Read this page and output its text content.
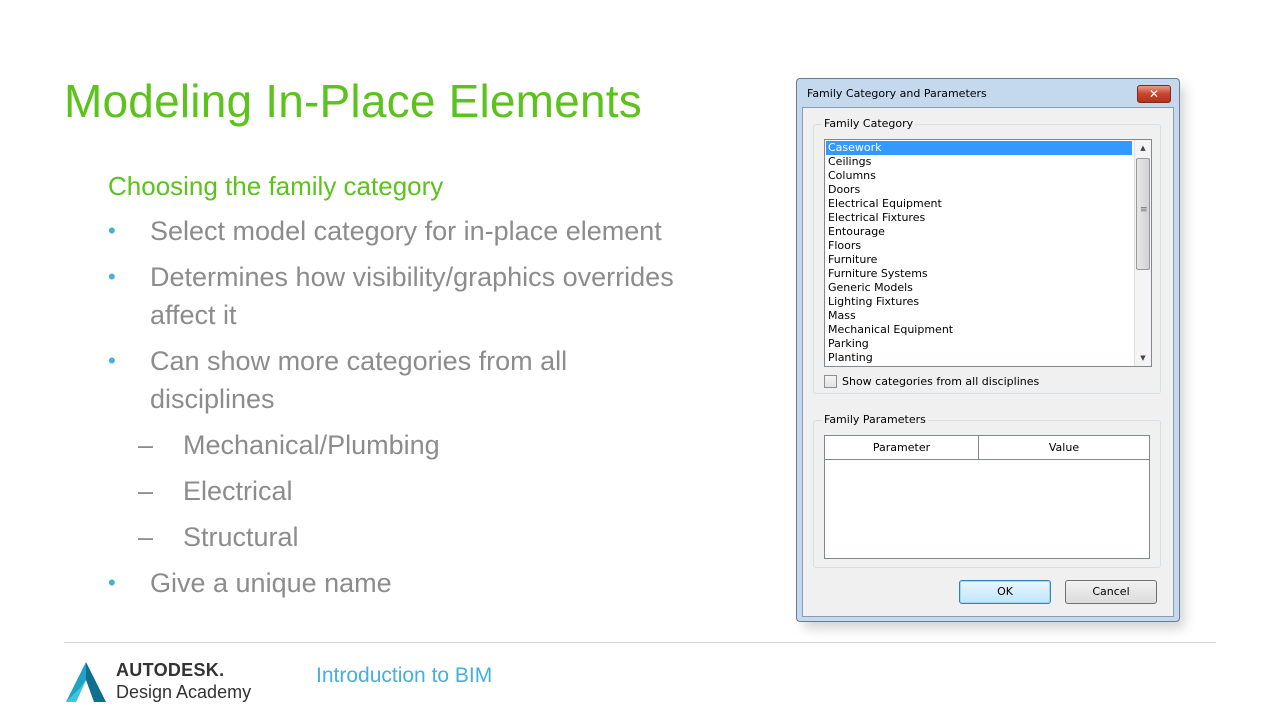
Modeling In-Place Elements
Choosing the family category
• Select model category for in-place element
• Determines how visibility/graphics overrides affect it
• Can show more categories from all disciplines
– Mechanical/Plumbing
– Electrical
– Structural
• Give a unique name
Family Category and Parameters	✕
Family Category
Casework
Ceilings
Columns
Doors
Electrical Equipment
Electrical Fixtures
Entourage
Floors
Furniture
Furniture Systems
Generic Models
Lighting Fixtures
Mass
Mechanical Equipment
Parking
Planting
▲
≡
▼
Show categories from all disciplines
Family Parameters
Parameter	Value
OK	Cancel
AUTODESK.
Design Academy
Introduction to BIM
